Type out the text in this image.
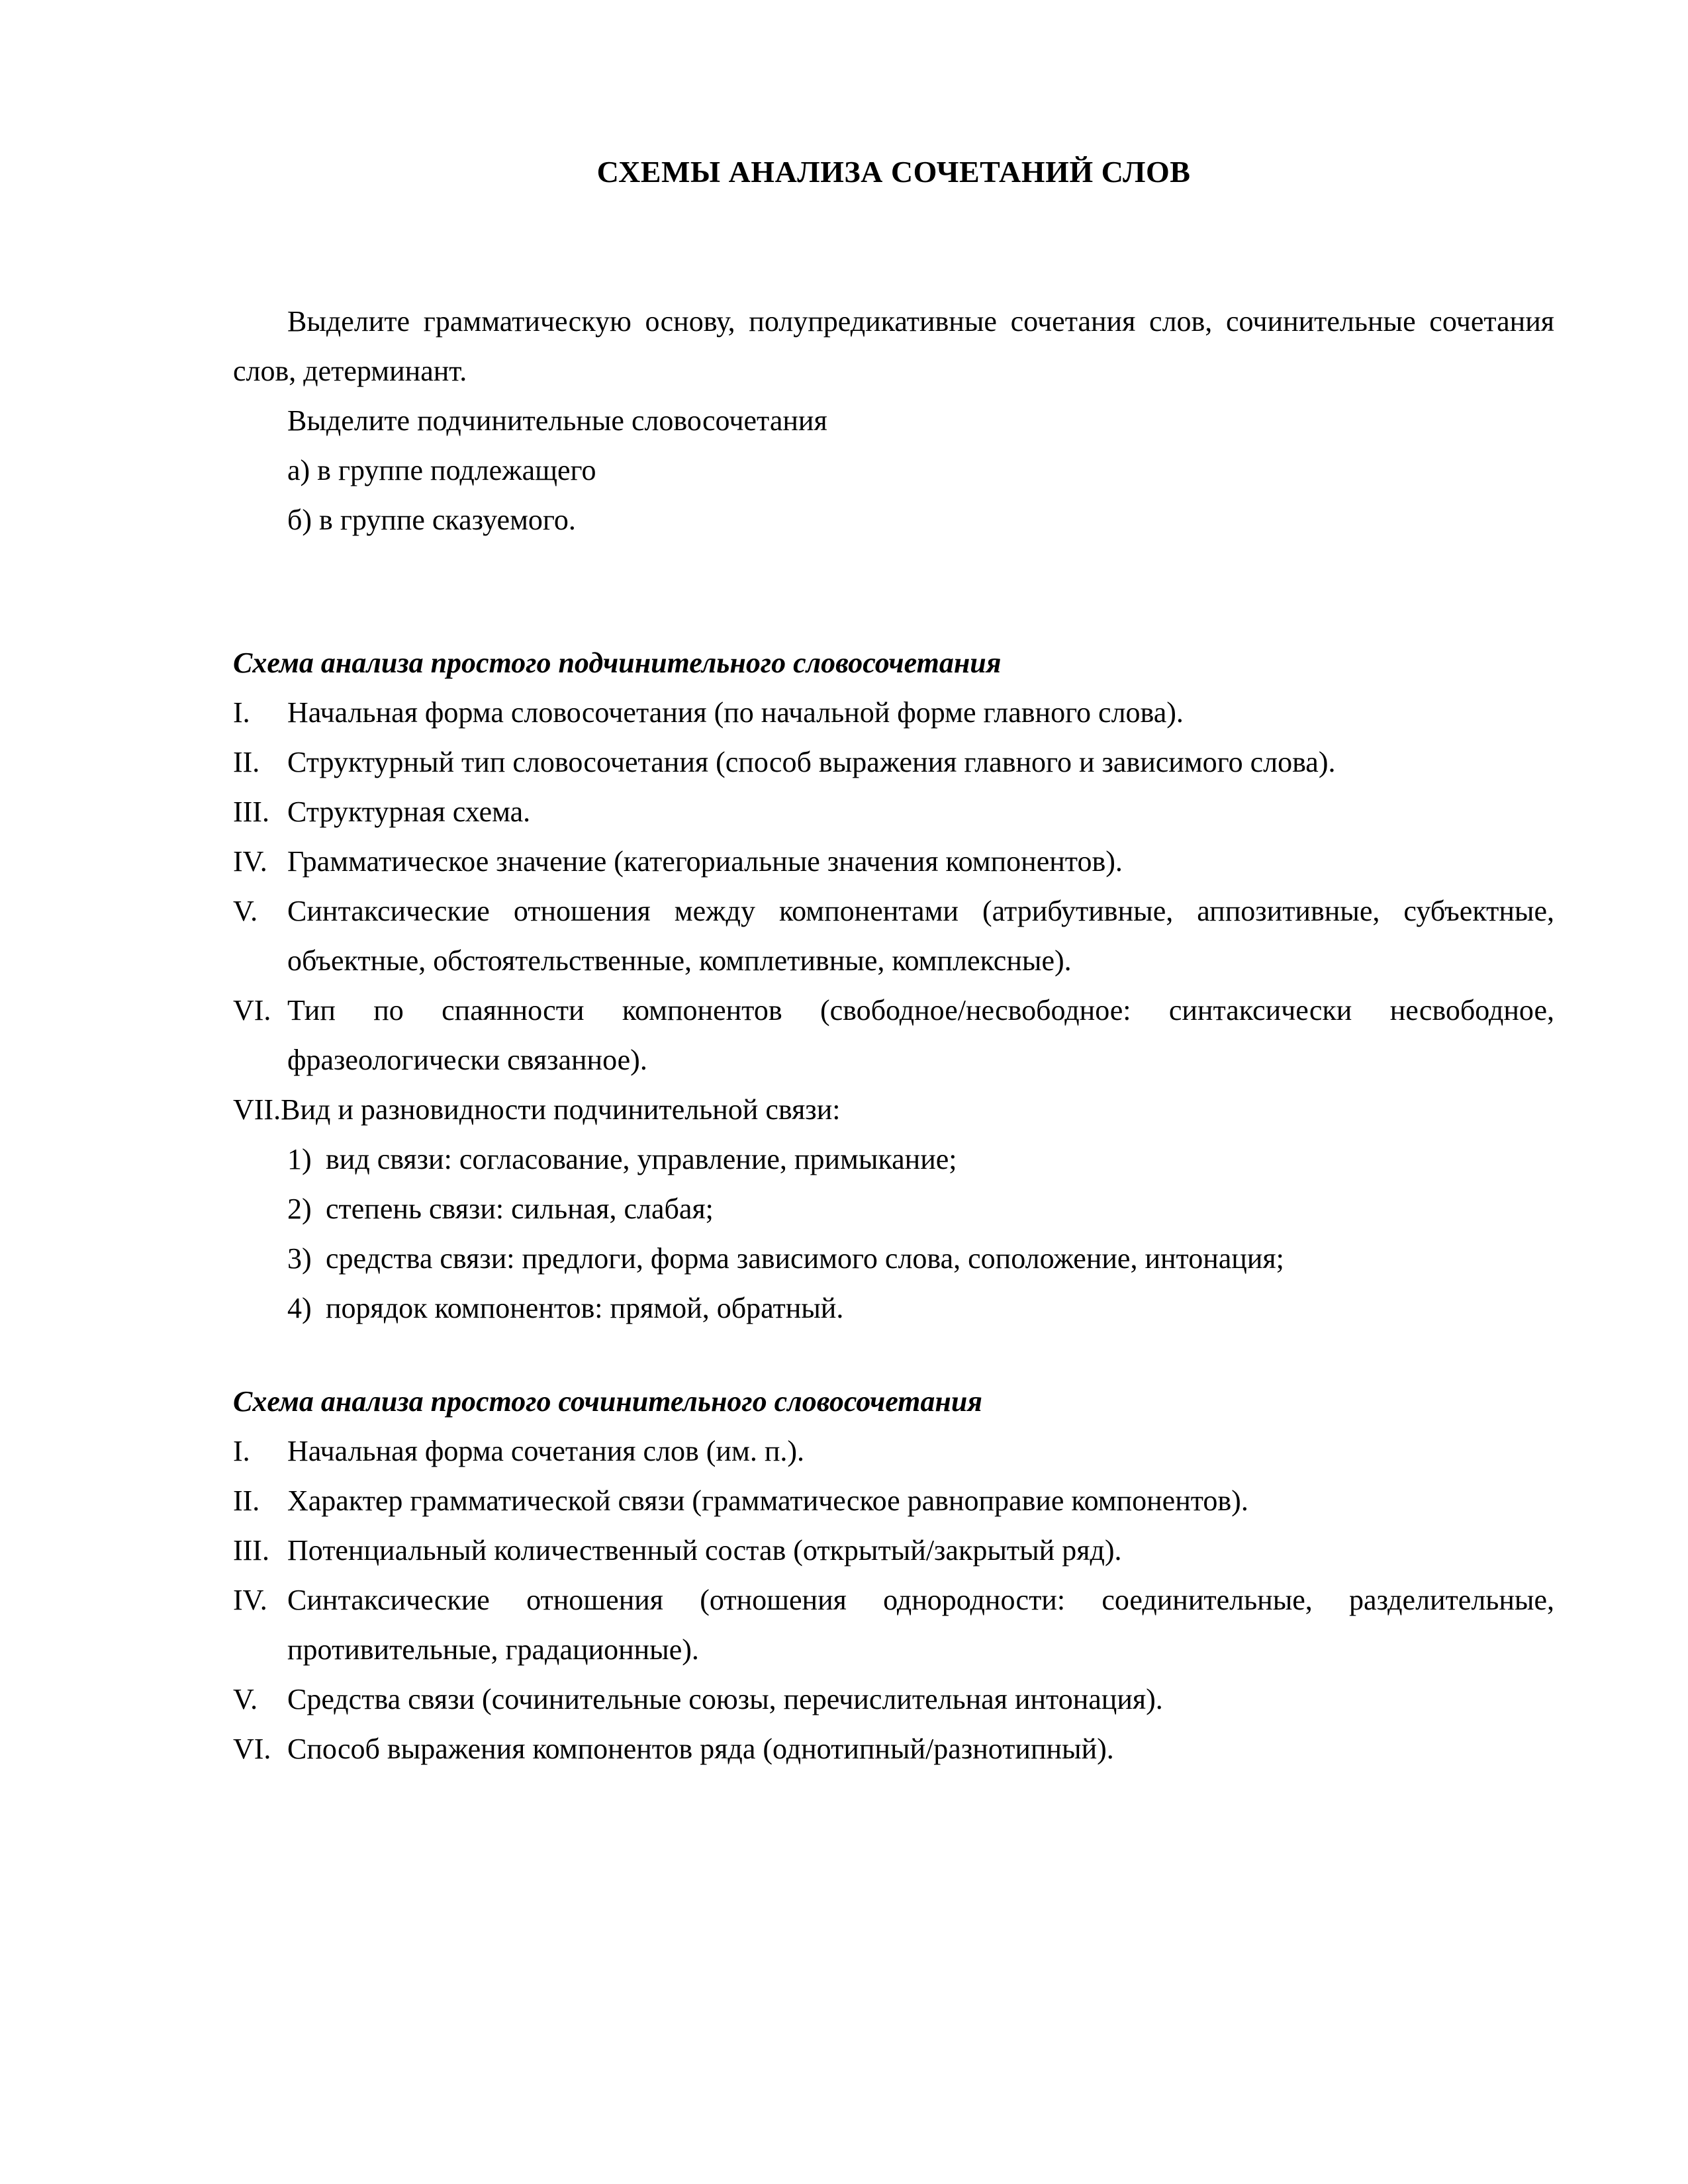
СХЕМЫ АНАЛИЗА СОЧЕТАНИЙ СЛОВ

Выделите грамматическую основу, полупредикативные сочетания слов, сочинительные сочетания слов, детерминант.

Выделите подчинительные словосочетания

а) в группе подлежащего

б) в группе сказуемого.

Схема анализа простого подчинительного словосочетания

I. Начальная форма словосочетания (по начальной форме главного слова).
II. Структурный тип словосочетания (способ выражения главного и зависимого слова).
III. Структурная схема.
IV. Грамматическое значение (категориальные значения компонентов).
V. Синтаксические отношения между компонентами (атрибутивные, аппозитивные, субъектные, объектные, обстоятельственные, комплетивные, комплексные).
VI. Тип по спаянности компонентов (свободное/несвободное: синтаксически несвободное, фразеологически связанное).
VII.Вид и разновидности подчинительной связи:
1) вид связи: согласование, управление, примыкание;
2) степень связи: сильная, слабая;
3) средства связи: предлоги, форма зависимого слова, соположение, интонация;
4) порядок компонентов: прямой, обратный.

Схема анализа простого сочинительного словосочетания

I. Начальная форма сочетания слов (им. п.).
II. Характер грамматической связи (грамматическое равноправие компонентов).
III. Потенциальный количественный состав (открытый/закрытый ряд).
IV. Синтаксические отношения (отношения однородности: соединительные, разделительные, противительные, градационные).
V. Средства связи (сочинительные союзы, перечислительная интонация).
VI. Способ выражения компонентов ряда (однотипный/разнотипный).
